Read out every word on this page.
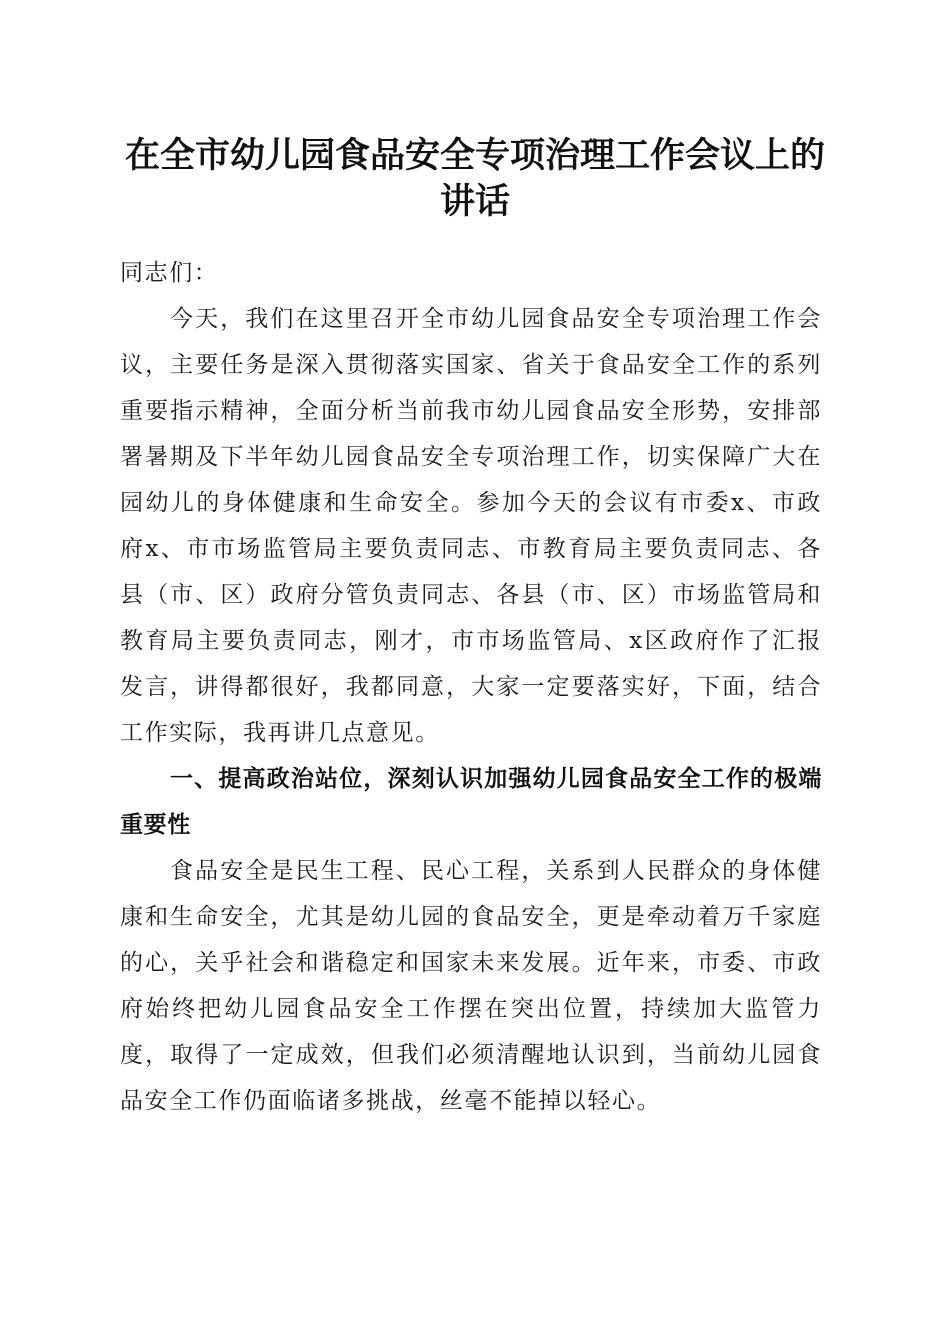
在全市幼儿园食品安全专项治理工作会议上的讲话

同志们：

今天，我们在这里召开全市幼儿园食品安全专项治理工作会议，主要任务是深入贯彻落实国家、省关于食品安全工作的系列重要指示精神，全面分析当前我市幼儿园食品安全形势，安排部署暑期及下半年幼儿园食品安全专项治理工作，切实保障广大在园幼儿的身体健康和生命安全。参加今天的会议有市委x、市政府x、市市场监管局主要负责同志、市教育局主要负责同志、各县（市、区）政府分管负责同志、各县（市、区）市场监管局和教育局主要负责同志，刚才，市市场监管局、x区政府作了汇报发言，讲得都很好，我都同意，大家一定要落实好，下面，结合工作实际，我再讲几点意见。

一、提高政治站位，深刻认识加强幼儿园食品安全工作的极端重要性

食品安全是民生工程、民心工程，关系到人民群众的身体健康和生命安全，尤其是幼儿园的食品安全，更是牵动着万千家庭的心，关乎社会和谐稳定和国家未来发展。近年来，市委、市政府始终把幼儿园食品安全工作摆在突出位置，持续加大监管力度，取得了一定成效，但我们必须清醒地认识到，当前幼儿园食品安全工作仍面临诸多挑战，丝毫不能掉以轻心。
